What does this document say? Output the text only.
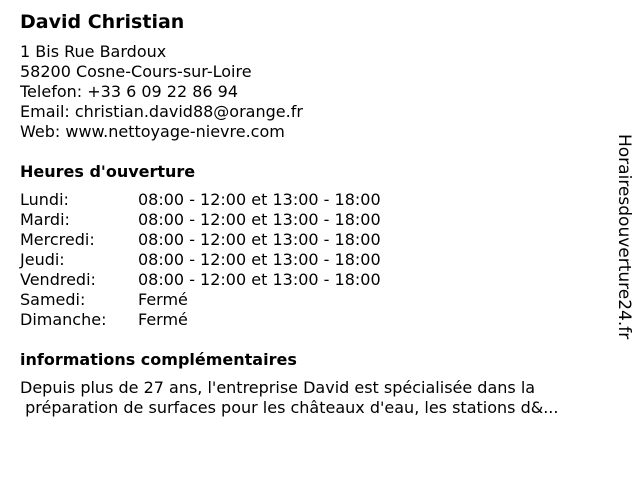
David Christian
1 Bis Rue Bardoux
58200 Cosne-Cours-sur-Loire
Telefon: +33 6 09 22 86 94
Email: christian.david88@orange.fr
Web: www.nettoyage-nievre.com
Heures d'ouverture
Lundi:	08:00 - 12:00 et 13:00 - 18:00
Mardi:	08:00 - 12:00 et 13:00 - 18:00
Mercredi:	08:00 - 12:00 et 13:00 - 18:00
Jeudi:	08:00 - 12:00 et 13:00 - 18:00
Vendredi:	08:00 - 12:00 et 13:00 - 18:00
Samedi:	Fermé
Dimanche:	Fermé
informations complémentaires
Depuis plus de 27 ans, l'entreprise David est spécialisée dans la
préparation de surfaces pour les châteaux d'eau, les stations d&...
Horairesdouverture24.fr
